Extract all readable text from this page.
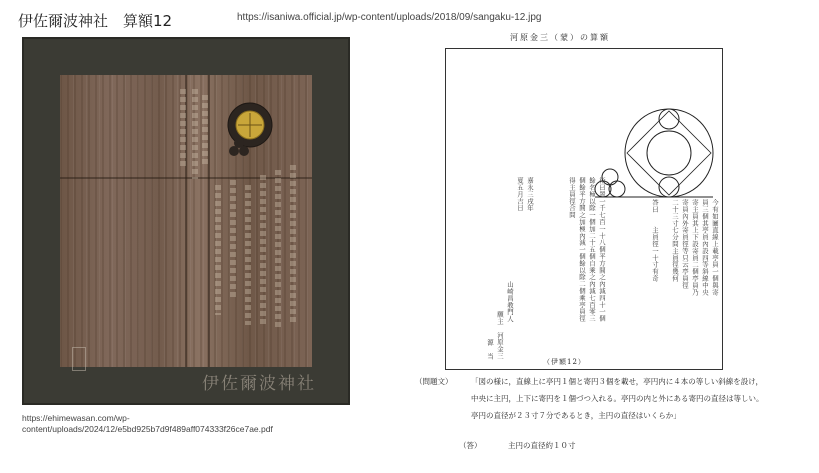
伊佐爾波神社　算額12	https://isaniwa.official.jp/wp-content/uploads/2018/09/sangaku-12.jpg
伊佐爾波神社
https://ehimewasan.com/wp-content/uploads/2024/12/e5bd925b7d9f489aff074333f26ce7ae.pdf
河原金三（蒙）の算額
今有如圖直線上載亭員一個與寄
員三個其亭員內設四等斜線中央
寄主員其上下設寄員二個亭員乃
寄員內外寄員徑等只云亭員徑
二十三寸七分問主員徑幾何
答曰　　主員徑一十寸有奇
術曰置一千七百一十八個平方開之內減四十一個
餘名極以除一個加二十五個自乘之內減七百零三
個餘平方開之加極內減一個餘以除二個乘亭員徑
得主員徑合問
嘉永三戌年
夏五月吉日
山崎昌教門人
願主　河原金三
源　当
（伊額12）
（問題文） 「図の様に，直線上に亭円１個と寄円３個を載せ，亭円内に４本の等しい斜線を設け，
中央に主円，上下に寄円を１個づつ入れる。亭円の内と外にある寄円の直径は等しい。
亭円の直径が２３寸７分であるとき，主円の直径はいくらか」
（答）	主円の直径約１０寸
